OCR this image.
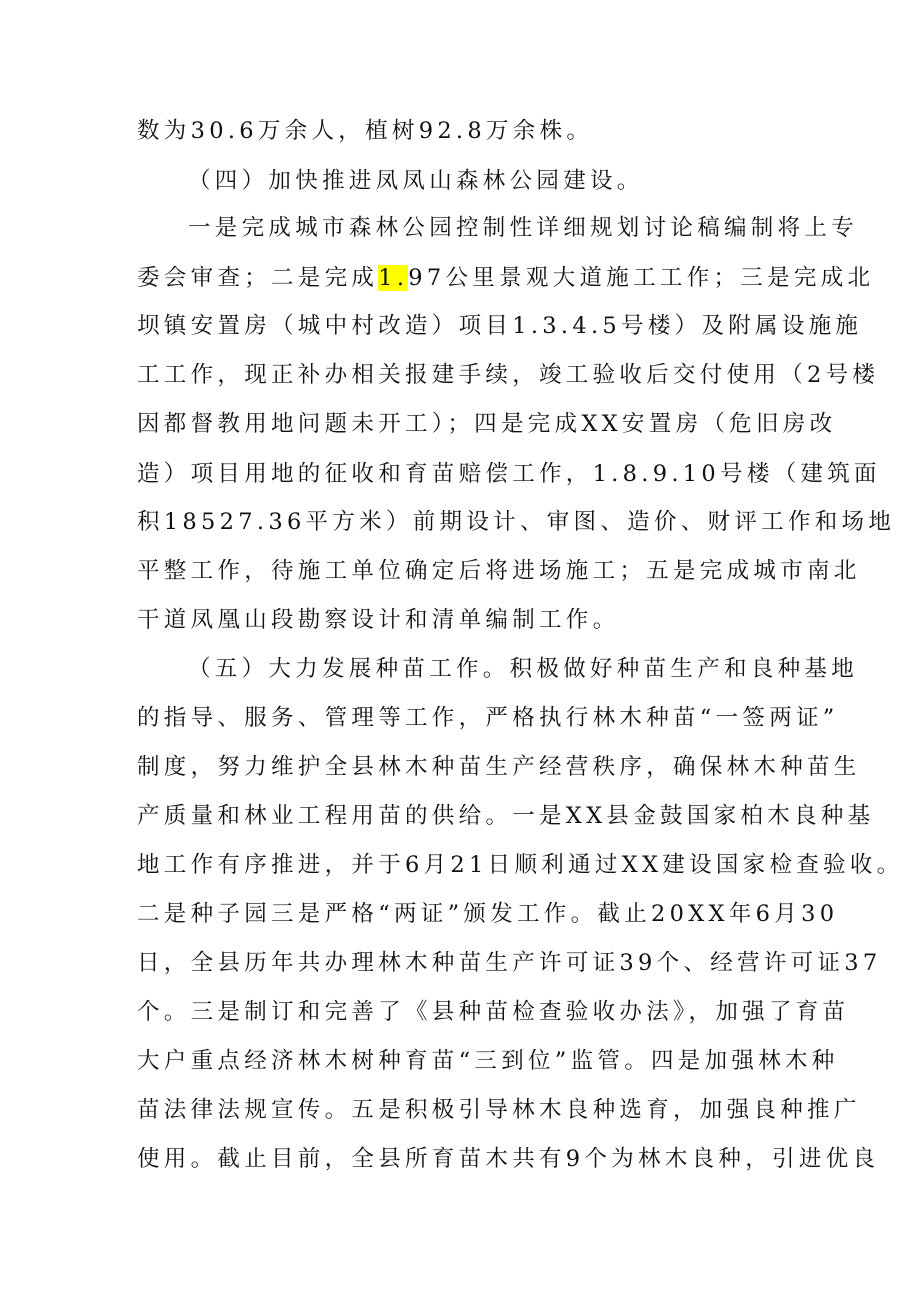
数为30.6万余人，植树92.8万余株。
（四）加快推进凤凤山森林公园建设。
一是完成城市森林公园控制性详细规划讨论稿编制将上专
委会审查；二是完成1.97公里景观大道施工工作；三是完成北
坝镇安置房（城中村改造）项目1.3.4.5号楼）及附属设施施
工工作，现正补办相关报建手续，竣工验收后交付使用（2号楼
因都督教用地问题未开工）；四是完成XX安置房（危旧房改
造）项目用地的征收和育苗赔偿工作，1.8.9.10号楼（建筑面
积18527.36平方米）前期设计、审图、造价、财评工作和场地
平整工作，待施工单位确定后将进场施工；五是完成城市南北
干道凤凰山段勘察设计和清单编制工作。
（五）大力发展种苗工作。积极做好种苗生产和良种基地
的指导、服务、管理等工作，严格执行林木种苗“一签两证”
制度，努力维护全县林木种苗生产经营秩序，确保林木种苗生
产质量和林业工程用苗的供给。一是XX县金鼓国家柏木良种基
地工作有序推进，并于6月21日顺利通过XX建设国家检查验收。
二是种子园三是严格“两证”颁发工作。截止20XX年6月30
日，全县历年共办理林木种苗生产许可证39个、经营许可证37
个。三是制订和完善了《县种苗检查验收办法》，加强了育苗
大户重点经济林木树种育苗“三到位”监管。四是加强林木种
苗法律法规宣传。五是积极引导林木良种选育，加强良种推广
使用。截止目前，全县所育苗木共有9个为林木良种，引进优良
